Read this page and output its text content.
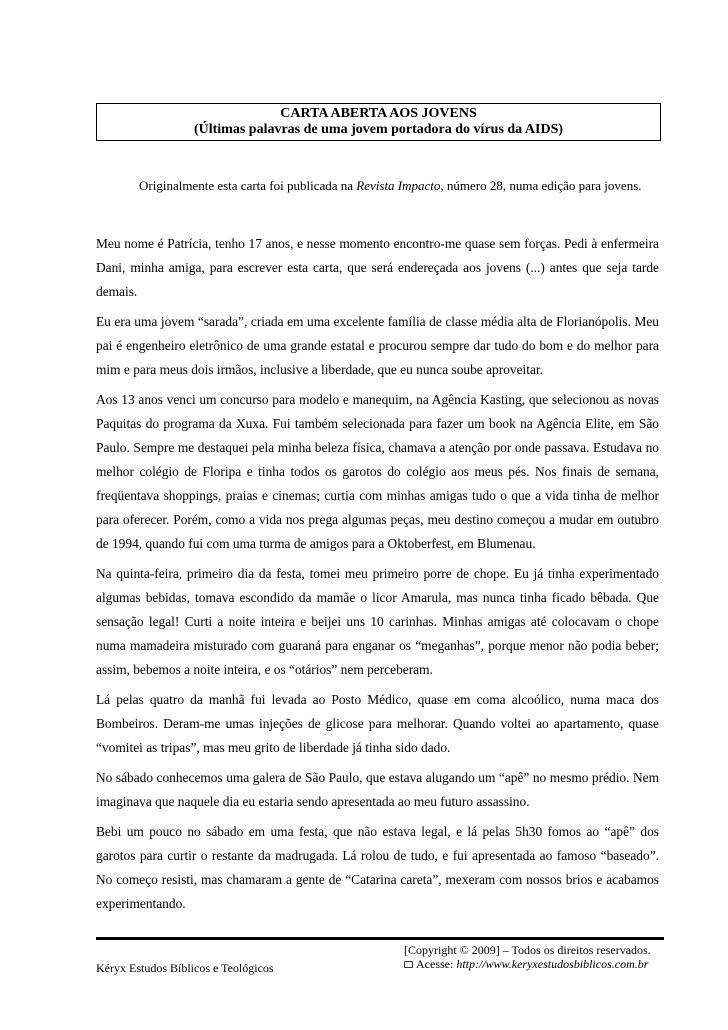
CARTA ABERTA AOS JOVENS
(Últimas palavras de uma jovem portadora do vírus da AIDS)
Originalmente esta carta foi publicada na Revista Impacto, número 28, numa edição para jovens.

Meu nome é Patrícia, tenho 17 anos, e nesse momento encontro-me quase sem forças. Pedi à enfermeira Dani, minha amiga, para escrever esta carta, que será endereçada aos jovens (...) antes que seja tarde demais.

Eu era uma jovem “sarada”, criada em uma excelente família de classe média alta de Florianópolis. Meu pai é engenheiro eletrônico de uma grande estatal e procurou sempre dar tudo do bom e do melhor para mim e para meus dois irmãos, inclusive a liberdade, que eu nunca soube aproveitar.

Aos 13 anos venci um concurso para modelo e manequim, na Agência Kasting, que selecionou as novas Paquitas do programa da Xuxa. Fui também selecionada para fazer um book na Agência Elite, em São Paulo. Sempre me destaquei pela minha beleza física, chamava a atenção por onde passava. Estudava no melhor colégio de Floripa e tinha todos os garotos do colégio aos meus pés. Nos finais de semana, freqüentava shoppings, praias e cinemas; curtia com minhas amigas tudo o que a vida tinha de melhor para oferecer. Porém, como a vida nos prega algumas peças, meu destino começou a mudar em outubro de 1994, quando fui com uma turma de amigos para a Oktoberfest, em Blumenau.

Na quinta-feira, primeiro dia da festa, tomei meu primeiro porre de chope. Eu já tinha experimentado algumas bebidas, tomava escondido da mamãe o licor Amarula, mas nunca tinha ficado bêbada. Que sensação legal! Curti a noite inteira e beijei uns 10 carinhas. Minhas amigas até colocavam o chope numa mamadeira misturado com guaraná para enganar os “meganhas”, porque menor não podia beber; assim, bebemos a noite inteira, e os “otários” nem perceberam.

Lá pelas quatro da manhã fui levada ao Posto Médico, quase em coma alcoólico, numa maca dos Bombeiros. Deram-me umas injeções de glicose para melhorar. Quando voltei ao apartamento, quase “vomitei as tripas”, mas meu grito de liberdade já tinha sido dado.

No sábado conhecemos uma galera de São Paulo, que estava alugando um “apê” no mesmo prédio. Nem imaginava que naquele dia eu estaria sendo apresentada ao meu futuro assassino.

Bebi um pouco no sábado em uma festa, que não estava legal, e lá pelas 5h30 fomos ao “apê” dos garotos para curtir o restante da madrugada. Lá rolou de tudo, e fui apresentada ao famoso “baseado”. No começo resisti, mas chamaram a gente de “Catarina careta”, mexeram com nossos brios e acabamos experimentando.

Kéryx Estudos Bíblicos e Teológicos
[Copyright © 2009] – Todos os direitos reservados.
Acesse: http://www.keryxestudosbiblicos.com.br
